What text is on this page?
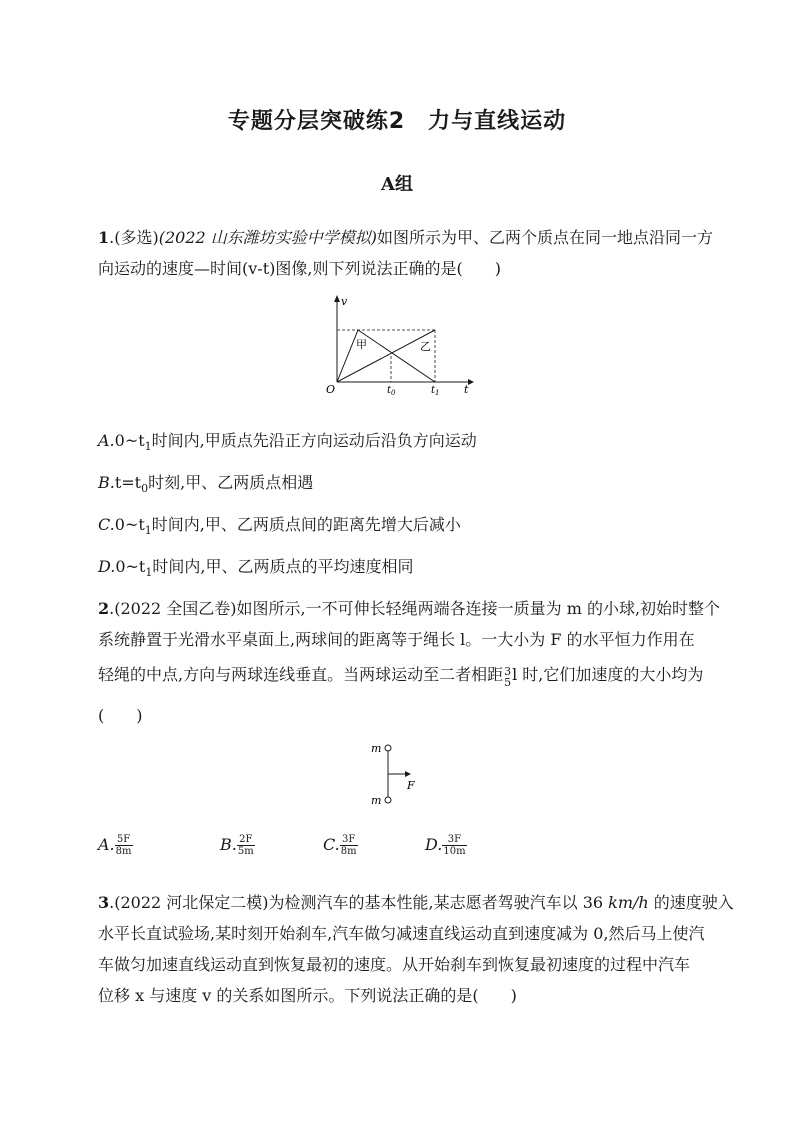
专题分层突破练2　力与直线运动
A组
1.(多选)(2022 山东潍坊实验中学模拟)如图所示为甲、乙两个质点在同一地点沿同一方
向运动的速度—时间(v-t)图像,则下列说法正确的是(　　)
v
t
O	$t_0$	$t_1$
甲	乙
$A.0\sim t_1$时间内,甲质点先沿正方向运动后沿负方向运动
$B.t=t_0$时刻,甲、乙两质点相遇
$C.0\sim t_1$时间内,甲、乙两质点间的距离先增大后减小
$D.0\sim t_1$时间内,甲、乙两质点的平均速度相同
2.(2022 全国乙卷)如图所示,一不可伸长轻绳两端各连接一质量为 m 的小球,初始时整个
系统静置于光滑水平桌面上,两球间的距离等于绳长 l。一大小为 F 的水平恒力作用在
轻绳的中点,方向与两球连线垂直。当两球运动至二者相距 3
5 l 时,它们加速度的大小均为
(　　)
m
m
F
A. $\frac{5F}{8m}$	B. $\frac{2F}{5m}$	C. $\frac{3F}{8m}$	D. $\frac{3F}{10m}$
3.(2022 河北保定二模)为检测汽车的基本性能,某志愿者驾驶汽车以 36 km/h 的速度驶入
水平长直试验场,某时刻开始刹车,汽车做匀减速直线运动直到速度减为 0,然后马上使汽
车做匀加速直线运动直到恢复最初的速度。从开始刹车到恢复最初速度的过程中汽车
位移 x 与速度 v 的关系如图所示。下列说法正确的是(　　)
